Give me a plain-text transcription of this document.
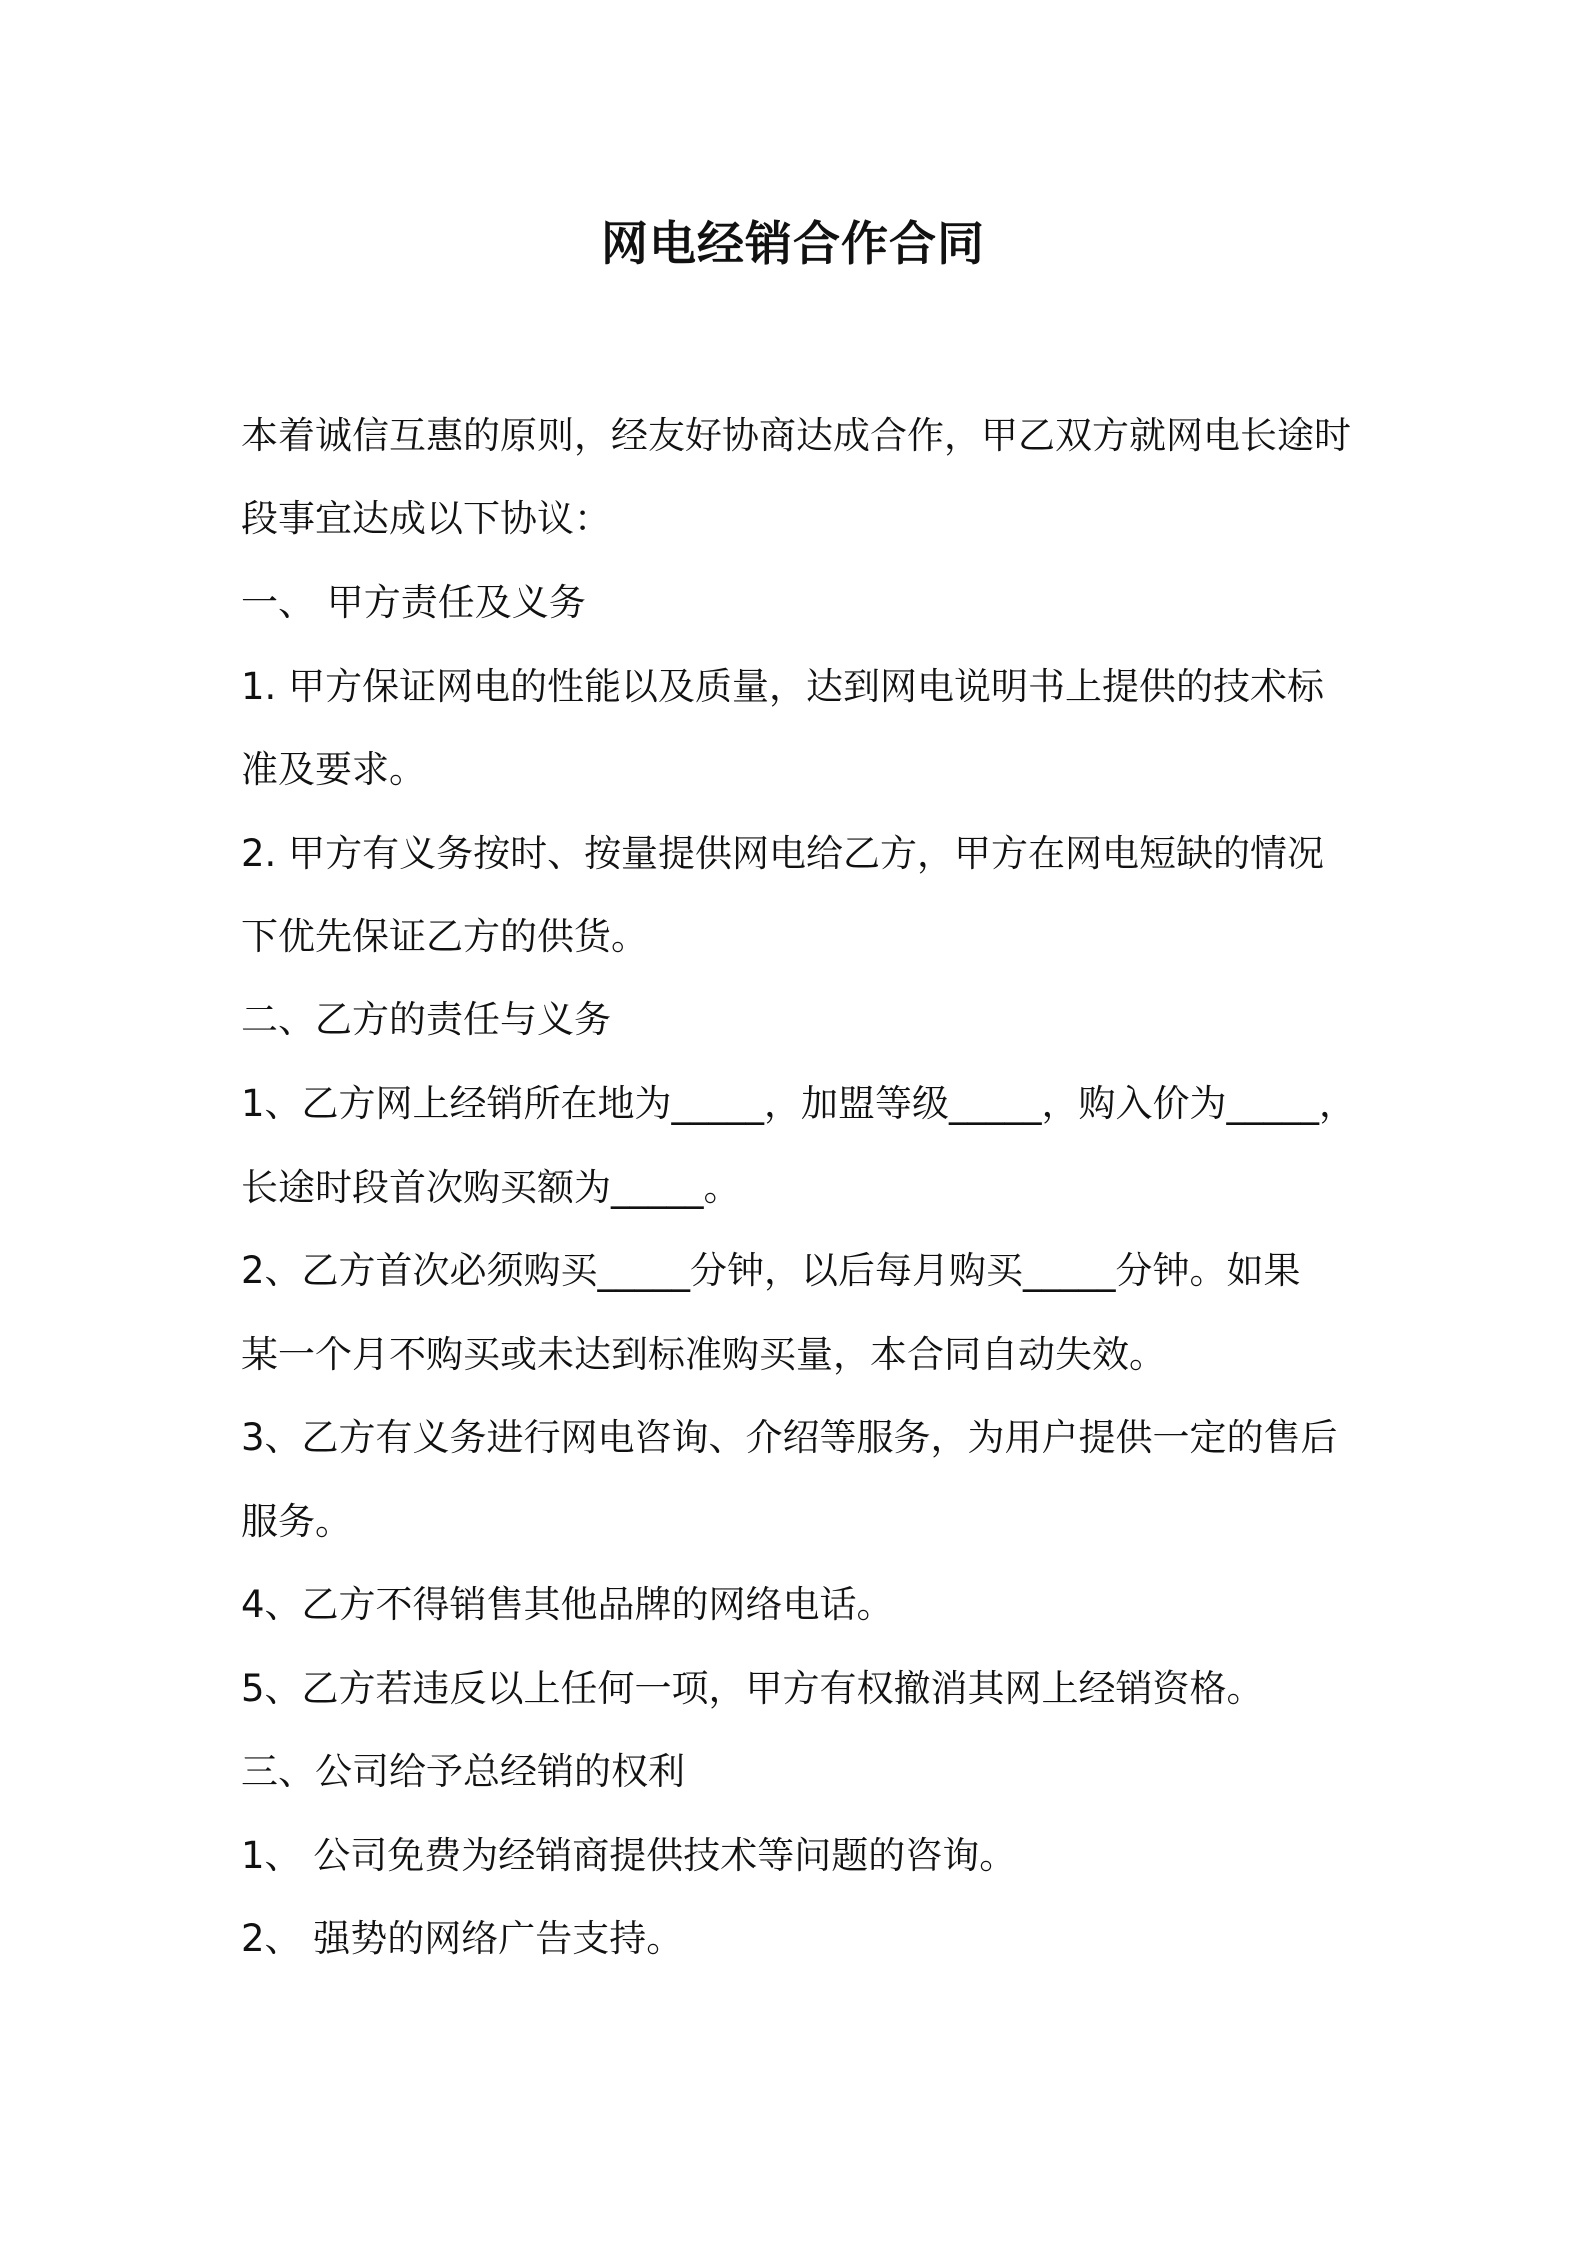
网电经销合作合同
本着诚信互惠的原则，经友好协商达成合作，甲乙双方就网电长途时
段事宜达成以下协议：
一、 甲方责任及义务
1. 甲方保证网电的性能以及质量，达到网电说明书上提供的技术标
准及要求。
2. 甲方有义务按时、按量提供网电给乙方，甲方在网电短缺的情况
下优先保证乙方的供货。
二、乙方的责任与义务
1、乙方网上经销所在地为_____，加盟等级_____，购入价为_____，
长途时段首次购买额为_____。
2、乙方首次必须购买_____分钟，以后每月购买_____分钟。如果
某一个月不购买或未达到标准购买量，本合同自动失效。
3、乙方有义务进行网电咨询、介绍等服务，为用户提供一定的售后
服务。
4、乙方不得销售其他品牌的网络电话。
5、乙方若违反以上任何一项，甲方有权撤消其网上经销资格。
三、公司给予总经销的权利
1、 公司免费为经销商提供技术等问题的咨询。
2、 强势的网络广告支持。
